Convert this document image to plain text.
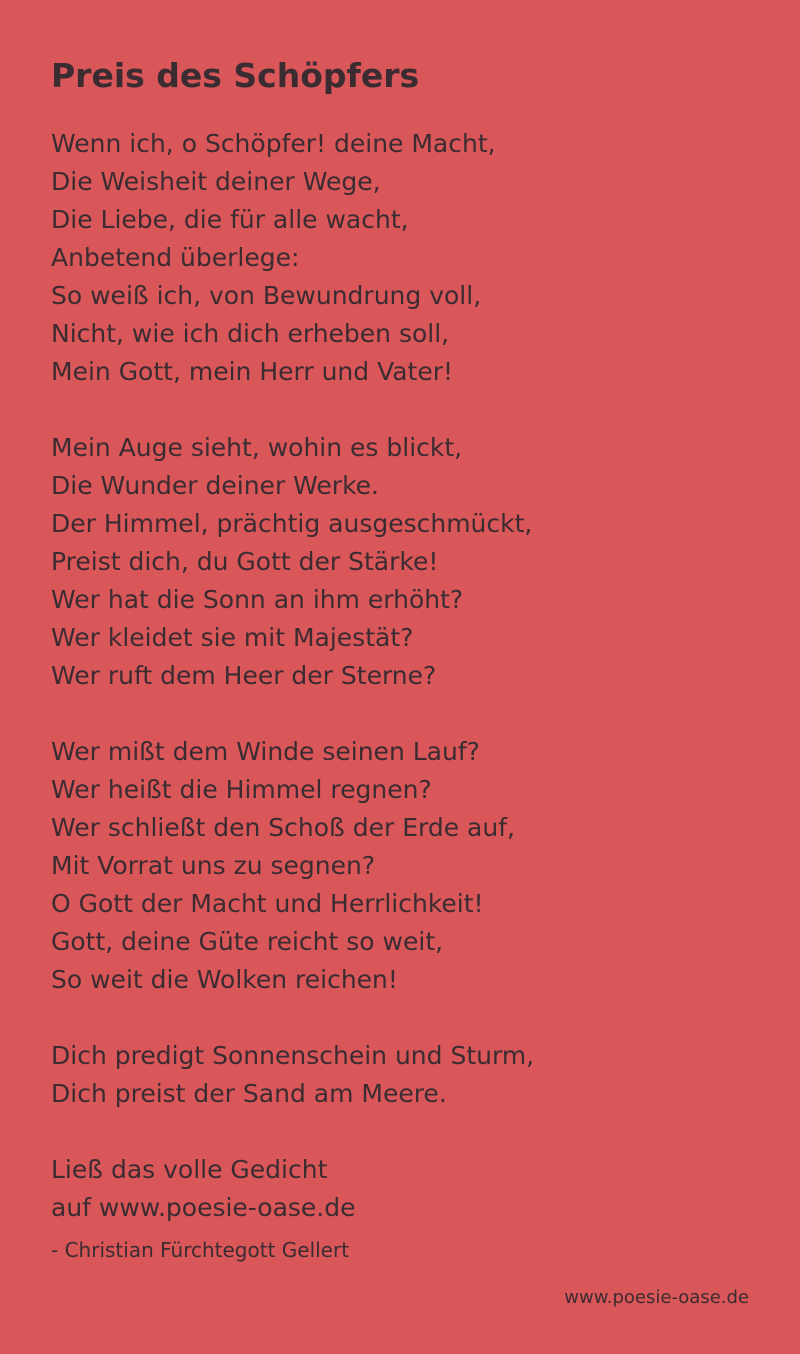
Preis des Schöpfers
Wenn ich, o Schöpfer! deine Macht,
Die Weisheit deiner Wege,
Die Liebe, die für alle wacht,
Anbetend überlege:
So weiß ich, von Bewundrung voll,
Nicht, wie ich dich erheben soll,
Mein Gott, mein Herr und Vater!
Mein Auge sieht, wohin es blickt,
Die Wunder deiner Werke.
Der Himmel, prächtig ausgeschmückt,
Preist dich, du Gott der Stärke!
Wer hat die Sonn an ihm erhöht?
Wer kleidet sie mit Majestät?
Wer ruft dem Heer der Sterne?
Wer mißt dem Winde seinen Lauf?
Wer heißt die Himmel regnen?
Wer schließt den Schoß der Erde auf,
Mit Vorrat uns zu segnen?
O Gott der Macht und Herrlichkeit!
Gott, deine Güte reicht so weit,
So weit die Wolken reichen!
Dich predigt Sonnenschein und Sturm,
Dich preist der Sand am Meere.
Ließ das volle Gedicht
auf www.poesie-oase.de
- Christian Fürchtegott Gellert
www.poesie-oase.de
